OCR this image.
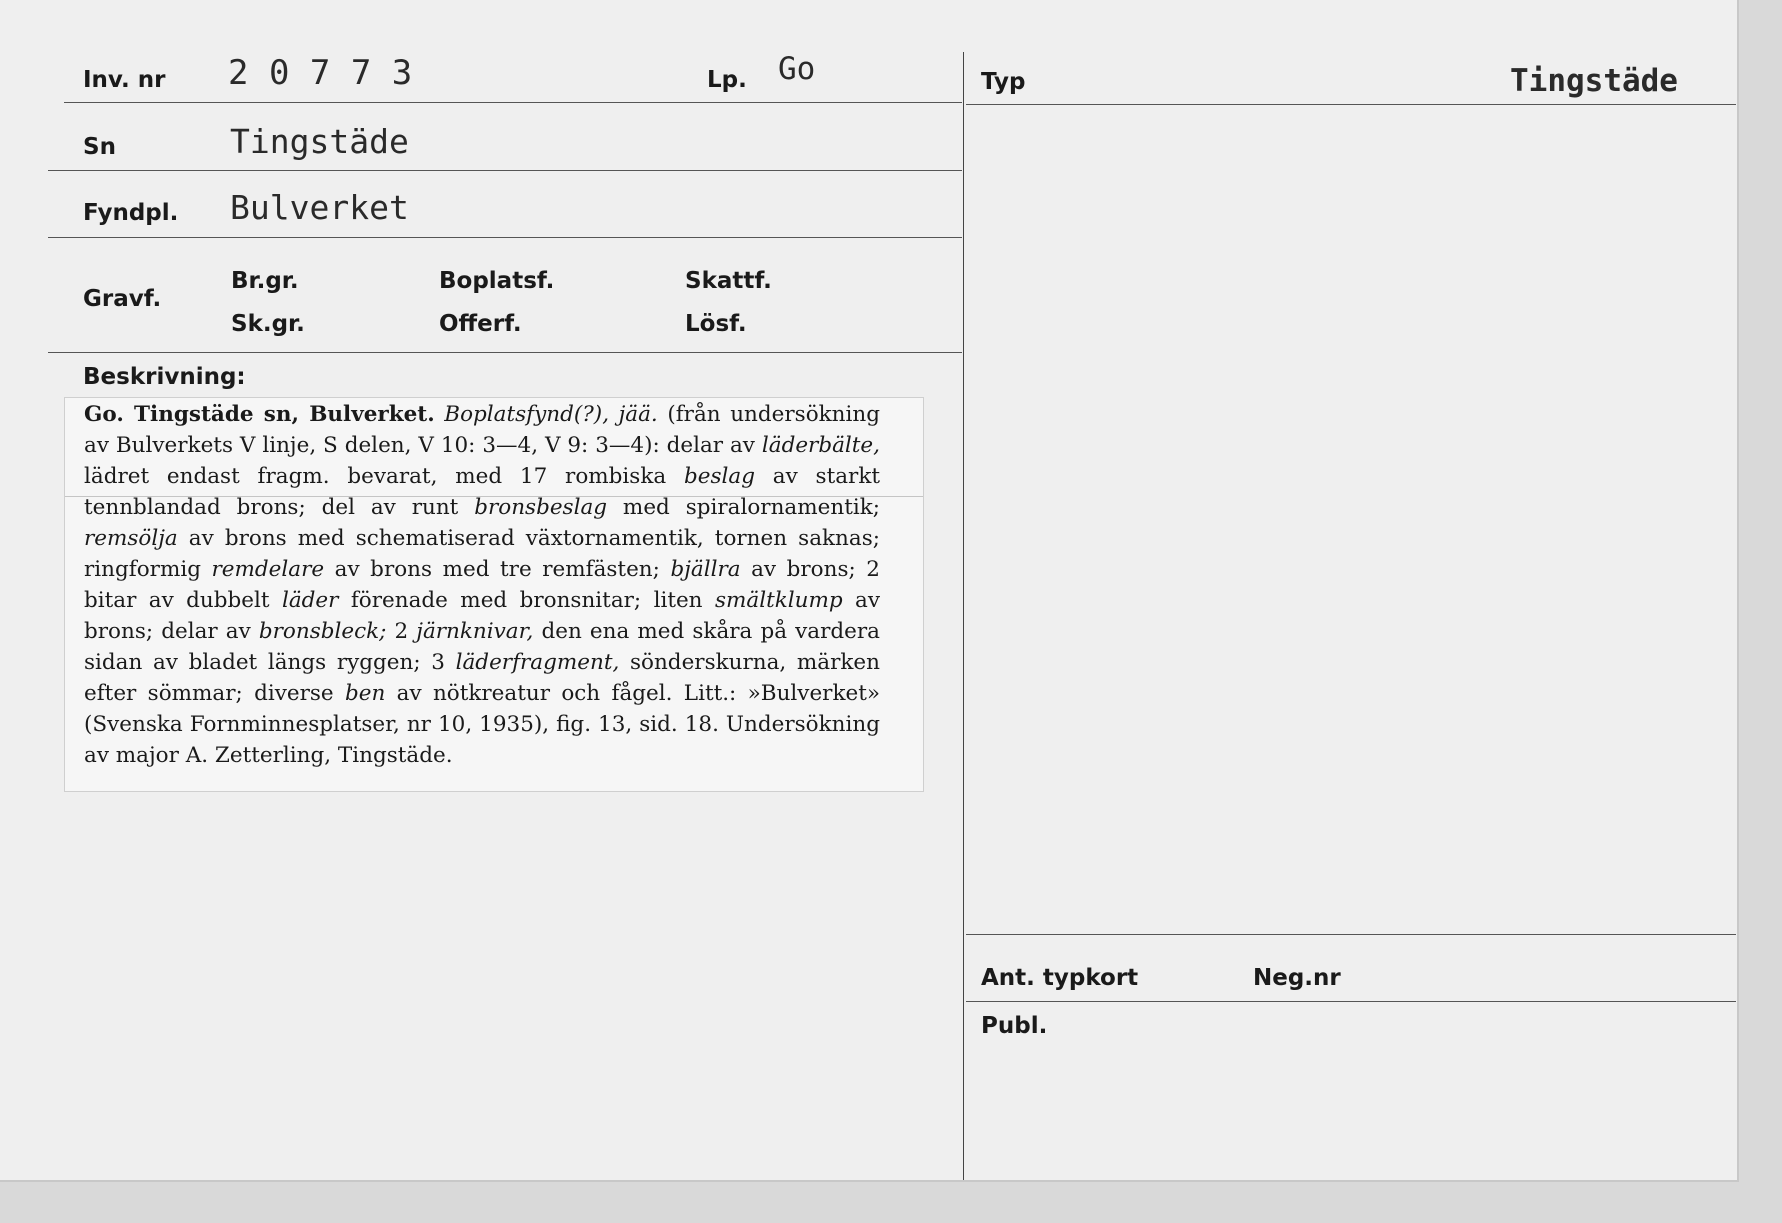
Inv. nr 2 0 7 7 3	Lp. Go	Typ	Tingstäde
Sn	Tingstäde
Fyndpl. Bulverket
Gravf.
Br.gr.	Boplatsf.	Skattf.
Sk.gr.	Offerf.	Lösf.
Beskrivning:

Go. Tingstäde sn, Bulverket. Boplatsfynd(?), jää. (från undersökning av Bulverkets V linje, S delen, V 10: 3—4, V 9: 3—4): delar av läderbälte, lädret endast fragm. bevarat, med 17 rombiska beslag av starkt tennblandad brons; del av runt bronsbeslag med spiralornamentik; remsölja av brons med schematiserad växtornamentik, tornen saknas; ringformig remdelare av brons med tre remfästen; bjällra av brons; 2 bitar av dubbelt läder förenade med bronsnitar; liten smältklump av brons; delar av bronsbleck; 2 järnknivar, den ena med skåra på vardera sidan av bladet längs ryggen; 3 läderfragment, sönderskurna, märken efter sömmar; diverse ben av nötkreatur och fågel. Litt.: »Bulverket» (Svenska Fornminnesplatser, nr 10, 1935), fig. 13, sid. 18. Undersökning av major A. Zetterling, Tingstäde.

Ant. typkort	Neg.nr
Publ.
